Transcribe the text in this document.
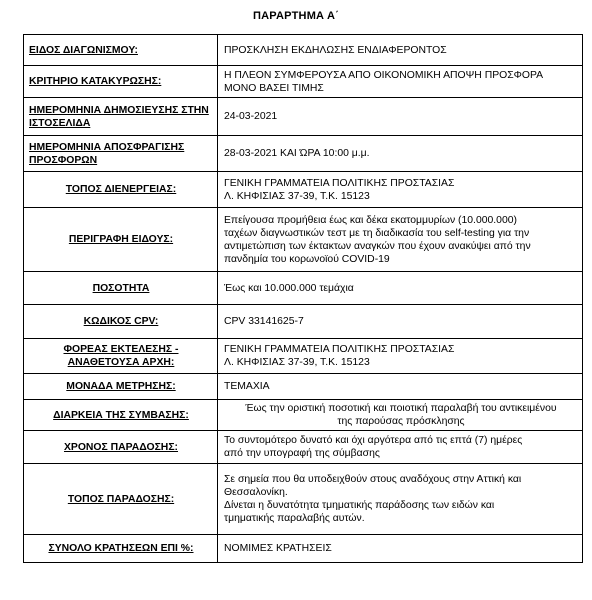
ΠΑΡΑΡΤΗΜΑ Α΄
ΕΙΔΟΣ ΔΙΑΓΩΝΙΣΜΟΥ:	ΠΡΟΣΚΛΗΣΗ ΕΚΔΗΛΩΣΗΣ ΕΝΔΙΑΦΕΡΟΝΤΟΣ

ΚΡΙΤΗΡΙΟ ΚΑΤΑΚΥΡΩΣΗΣ:	Η ΠΛΕΟΝ ΣΥΜΦΕΡΟΥΣΑ ΑΠΟ ΟΙΚΟΝΟΜΙΚΗ ΑΠΟΨΗ ΠΡΟΣΦΟΡΑ
ΜΟΝΟ ΒΑΣΕΙ ΤΙΜΗΣ

ΗΜΕΡΟΜΗΝΙΑ ΔΗΜΟΣΙΕΥΣΗΣ ΣΤΗΝ ΙΣΤΟΣΕΛΙΔΑ	24-03-2021

ΗΜΕΡΟΜΗΝΙΑ ΑΠΟΣΦΡΑΓΙΣΗΣ ΠΡΟΣΦΟΡΩΝ	28-03-2021 ΚΑΙ ΏΡΑ 10:00 μ.μ.

ΤΟΠΟΣ ΔΙΕΝΕΡΓΕΙΑΣ:	ΓΕΝΙΚΗ ΓΡΑΜΜΑΤΕΙΑ ΠΟΛΙΤΙΚΗΣ ΠΡΟΣΤΑΣΙΑΣ
Λ. ΚΗΦΙΣΙΑΣ 37-39, Τ.Κ. 15123

ΠΕΡΙΓΡΑΦΗ ΕΙΔΟΥΣ:	Επείγουσα προμήθεια έως και δέκα εκατομμυρίων (10.000.000)
ταχέων διαγνωστικών τεστ με τη διαδικασία του self-testing για την
αντιμετώπιση των έκτακτων αναγκών που έχουν ανακύψει από την
πανδημία του κορωνοϊού COVID-19

ΠΟΣΟΤΗΤΑ	Έως και 10.000.000 τεμάχια

ΚΩΔΙΚΟΣ CPV:	CPV 33141625-7

ΦΟΡΕΑΣ ΕΚΤΕΛΕΣΗΣ - ΑΝΑΘΕΤΟΥΣΑ ΑΡΧΗ:	ΓΕΝΙΚΗ ΓΡΑΜΜΑΤΕΙΑ ΠΟΛΙΤΙΚΗΣ ΠΡΟΣΤΑΣΙΑΣ
Λ. ΚΗΦΙΣΙΑΣ 37-39, Τ.Κ. 15123

ΜΟΝΑΔΑ ΜΕΤΡΗΣΗΣ:	ΤΕΜΑΧΙΑ

ΔΙΑΡΚΕΙΑ ΤΗΣ ΣΥΜΒΑΣΗΣ:	Έως την οριστική ποσοτική και ποιοτική παραλαβή του αντικειμένου
της παρούσας πρόσκλησης

ΧΡΟΝΟΣ ΠΑΡΑΔΟΣΗΣ:	Το συντομότερο δυνατό και όχι αργότερα από τις επτά (7) ημέρες
από την υπογραφή της σύμβασης

ΤΟΠΟΣ ΠΑΡΑΔΟΣΗΣ:	Σε σημεία που θα υποδειχθούν στους αναδόχους στην Αττική και
Θεσσαλονίκη.
Δίνεται η δυνατότητα τμηματικής παράδοσης των ειδών και
τμηματικής παραλαβής αυτών.

ΣΥΝΟΛΟ ΚΡΑΤΗΣΕΩΝ ΕΠΙ %:	ΝΟΜΙΜΕΣ ΚΡΑΤΗΣΕΙΣ
